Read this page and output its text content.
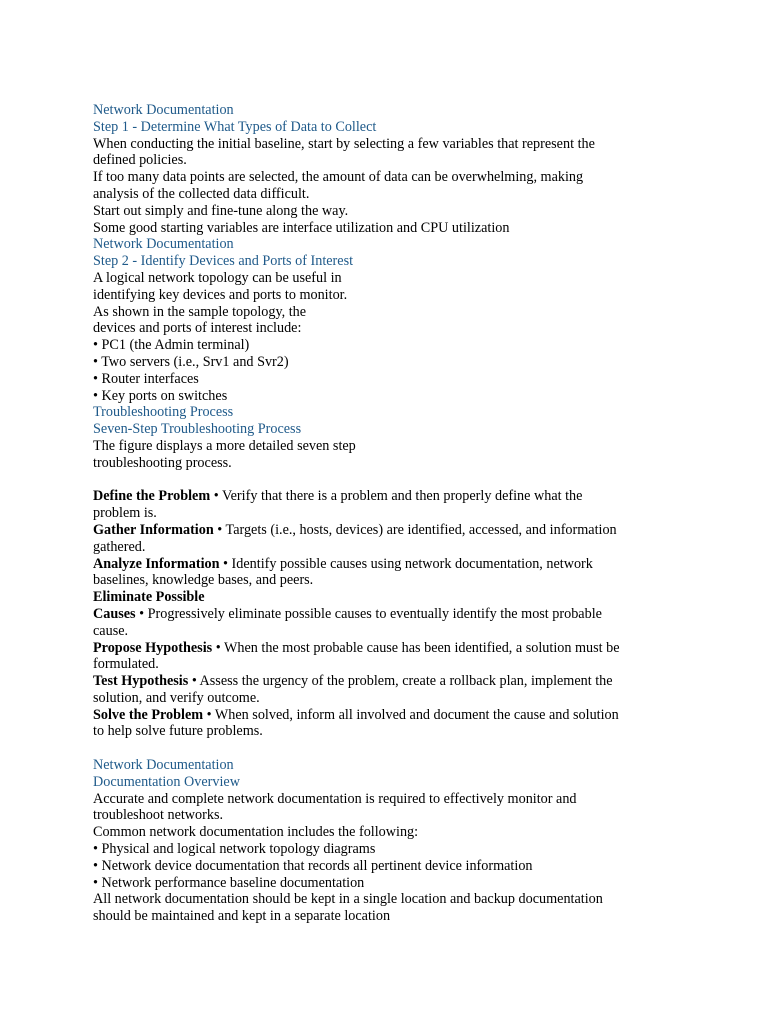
Network Documentation
Step 1 - Determine What Types of Data to Collect
When conducting the initial baseline, start by selecting a few variables that represent the
defined policies.
If too many data points are selected, the amount of data can be overwhelming, making
analysis of the collected data difficult.
Start out simply and fine-tune along the way.
Some good starting variables are interface utilization and CPU utilization
Network Documentation
Step 2 - Identify Devices and Ports of Interest
A logical network topology can be useful in
identifying key devices and ports to monitor.
As shown in the sample topology, the
devices and ports of interest include:
• PC1 (the Admin terminal)
• Two servers (i.e., Srv1 and Svr2)
• Router interfaces
• Key ports on switches
Troubleshooting Process
Seven-Step Troubleshooting Process
The figure displays a more detailed seven step
troubleshooting process.
Define the Problem • Verify that there is a problem and then properly define what the
problem is.
Gather Information • Targets (i.e., hosts, devices) are identified, accessed, and information
gathered.
Analyze Information • Identify possible causes using network documentation, network
baselines, knowledge bases, and peers.
Eliminate Possible
Causes • Progressively eliminate possible causes to eventually identify the most probable
cause.
Propose Hypothesis • When the most probable cause has been identified, a solution must be
formulated.
Test Hypothesis • Assess the urgency of the problem, create a rollback plan, implement the
solution, and verify outcome.
Solve the Problem • When solved, inform all involved and document the cause and solution
to help solve future problems.
Network Documentation
Documentation Overview
Accurate and complete network documentation is required to effectively monitor and
troubleshoot networks.
Common network documentation includes the following:
• Physical and logical network topology diagrams
• Network device documentation that records all pertinent device information
• Network performance baseline documentation
All network documentation should be kept in a single location and backup documentation
should be maintained and kept in a separate location
